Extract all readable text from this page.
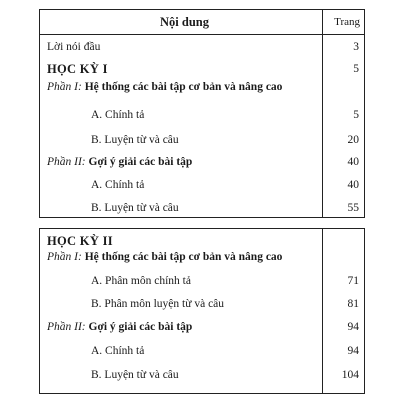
Nội dung	Trang
Lời nói đầu	3
HỌC KỲ I	5
Phần I: Hệ thống các bài tập cơ bản và nâng cao
A. Chính tả	5
B. Luyện từ và câu	20
Phần II: Gợi ý giải các bài tập	40
A. Chính tả	40
B. Luyện từ và câu	55
HỌC KỲ II
Phần I: Hệ thống các bài tập cơ bản và nâng cao
A. Phân môn chính tả	71
B. Phân môn luyện từ và câu	81
Phần II: Gợi ý giải các bài tập	94
A. Chính tả	94
B. Luyện từ và câu	104
